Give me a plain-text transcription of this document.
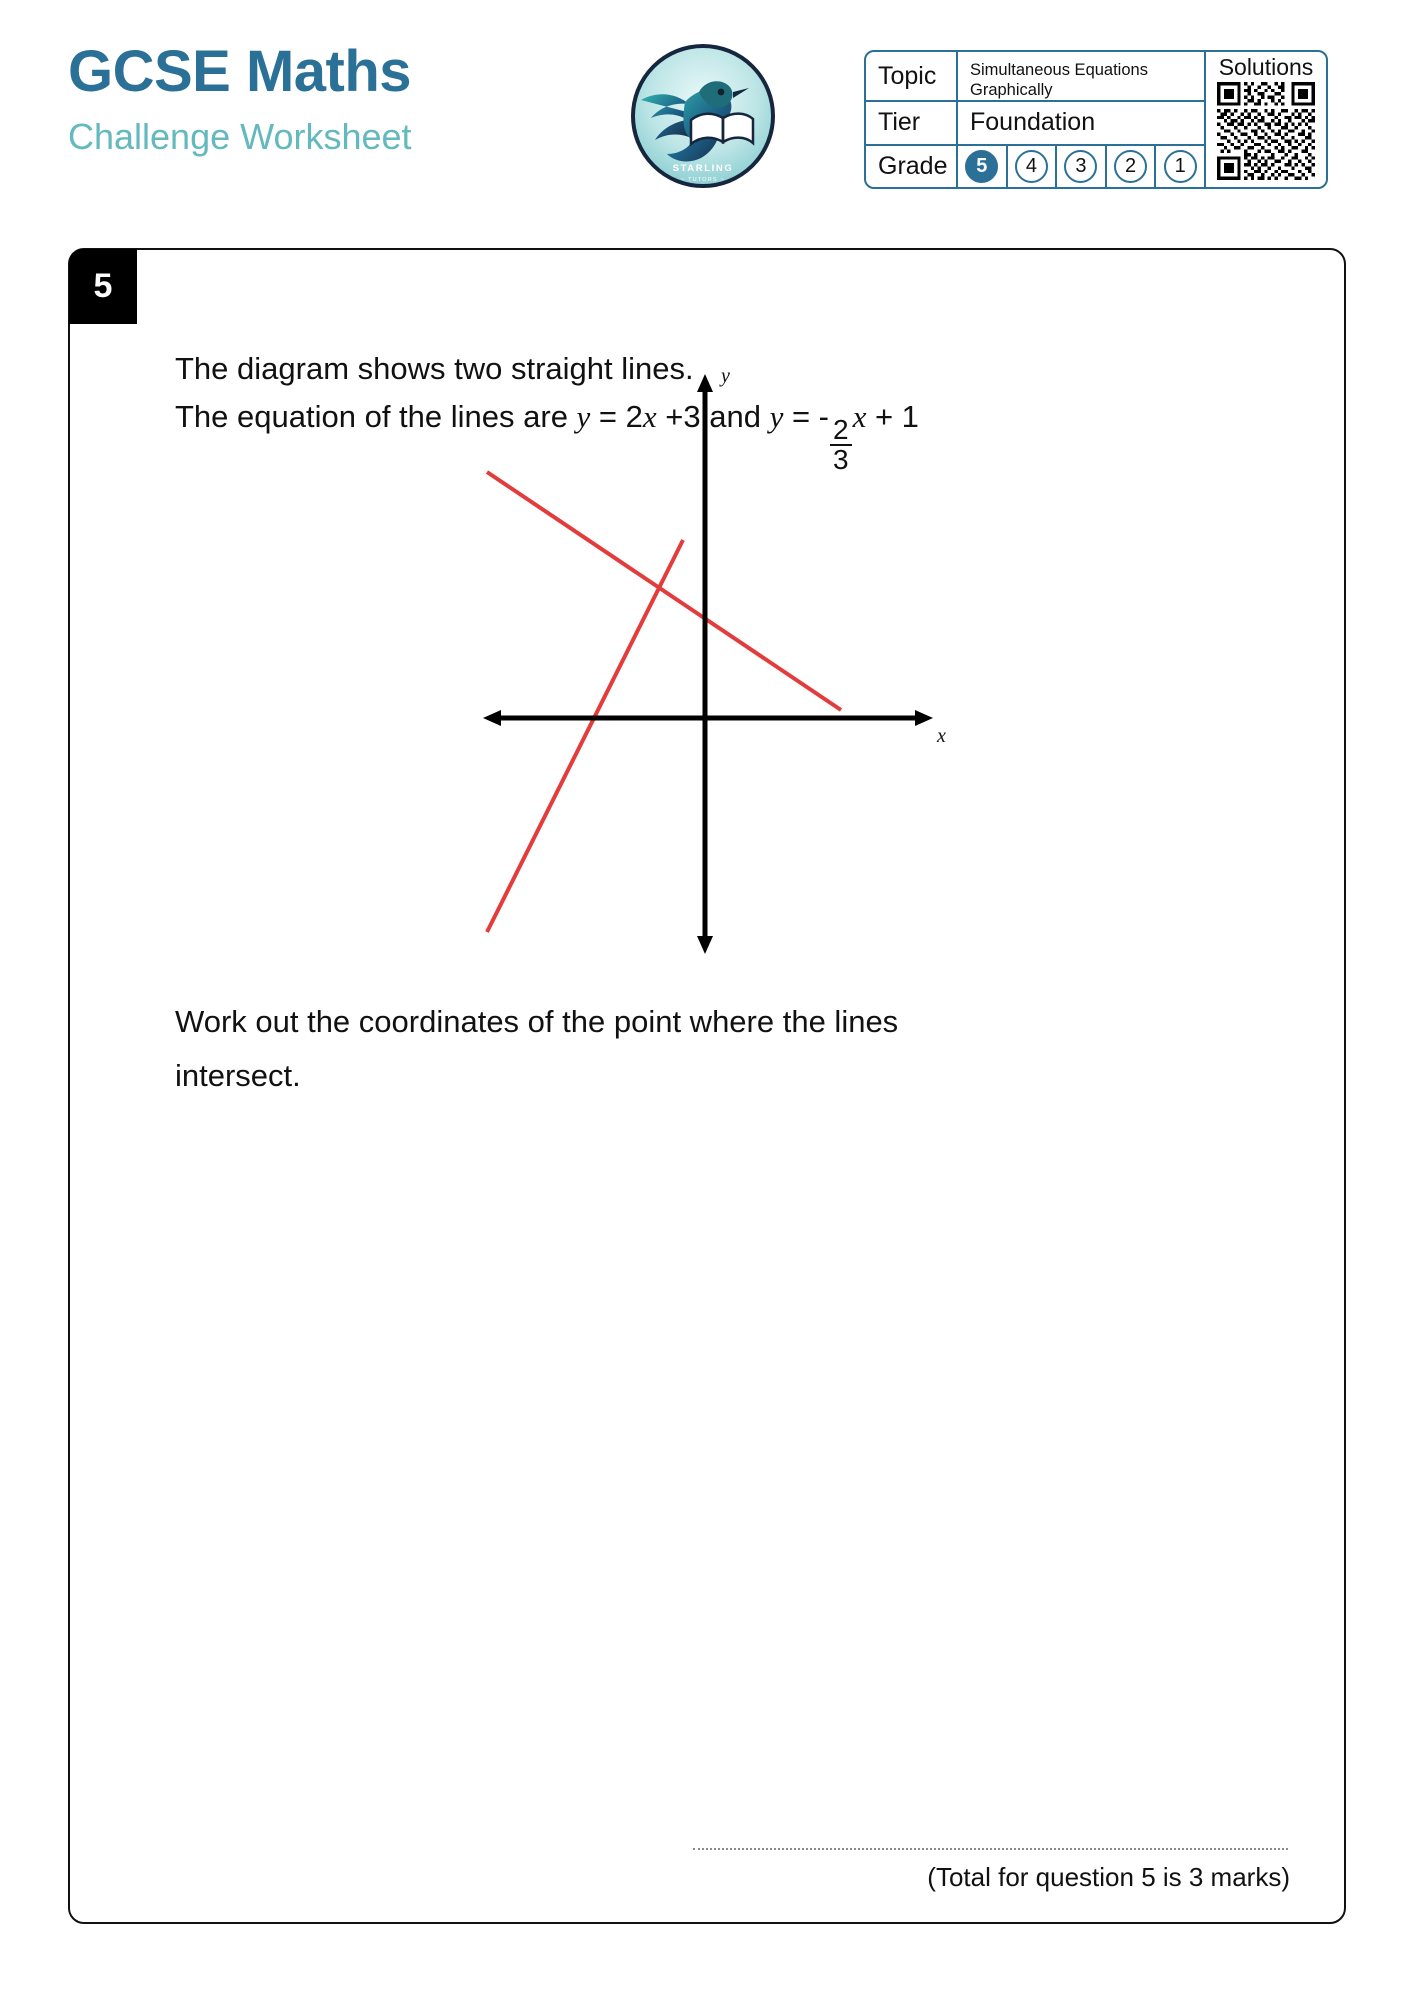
GCSE Maths
Challenge Worksheet
STARLING
~ TUTORS ~
Topic	Simultaneous Equations Graphically
Tier	Foundation
Grade	5	4	3	2	1
Solutions
5
The diagram shows two straight lines.
The equation of the lines are y = 2x +3 and y = - $\frac{2}{3}$ x + 1
y
x
Work out the coordinates of the point where the lines
intersect.
(Total for question 5 is 3 marks)
